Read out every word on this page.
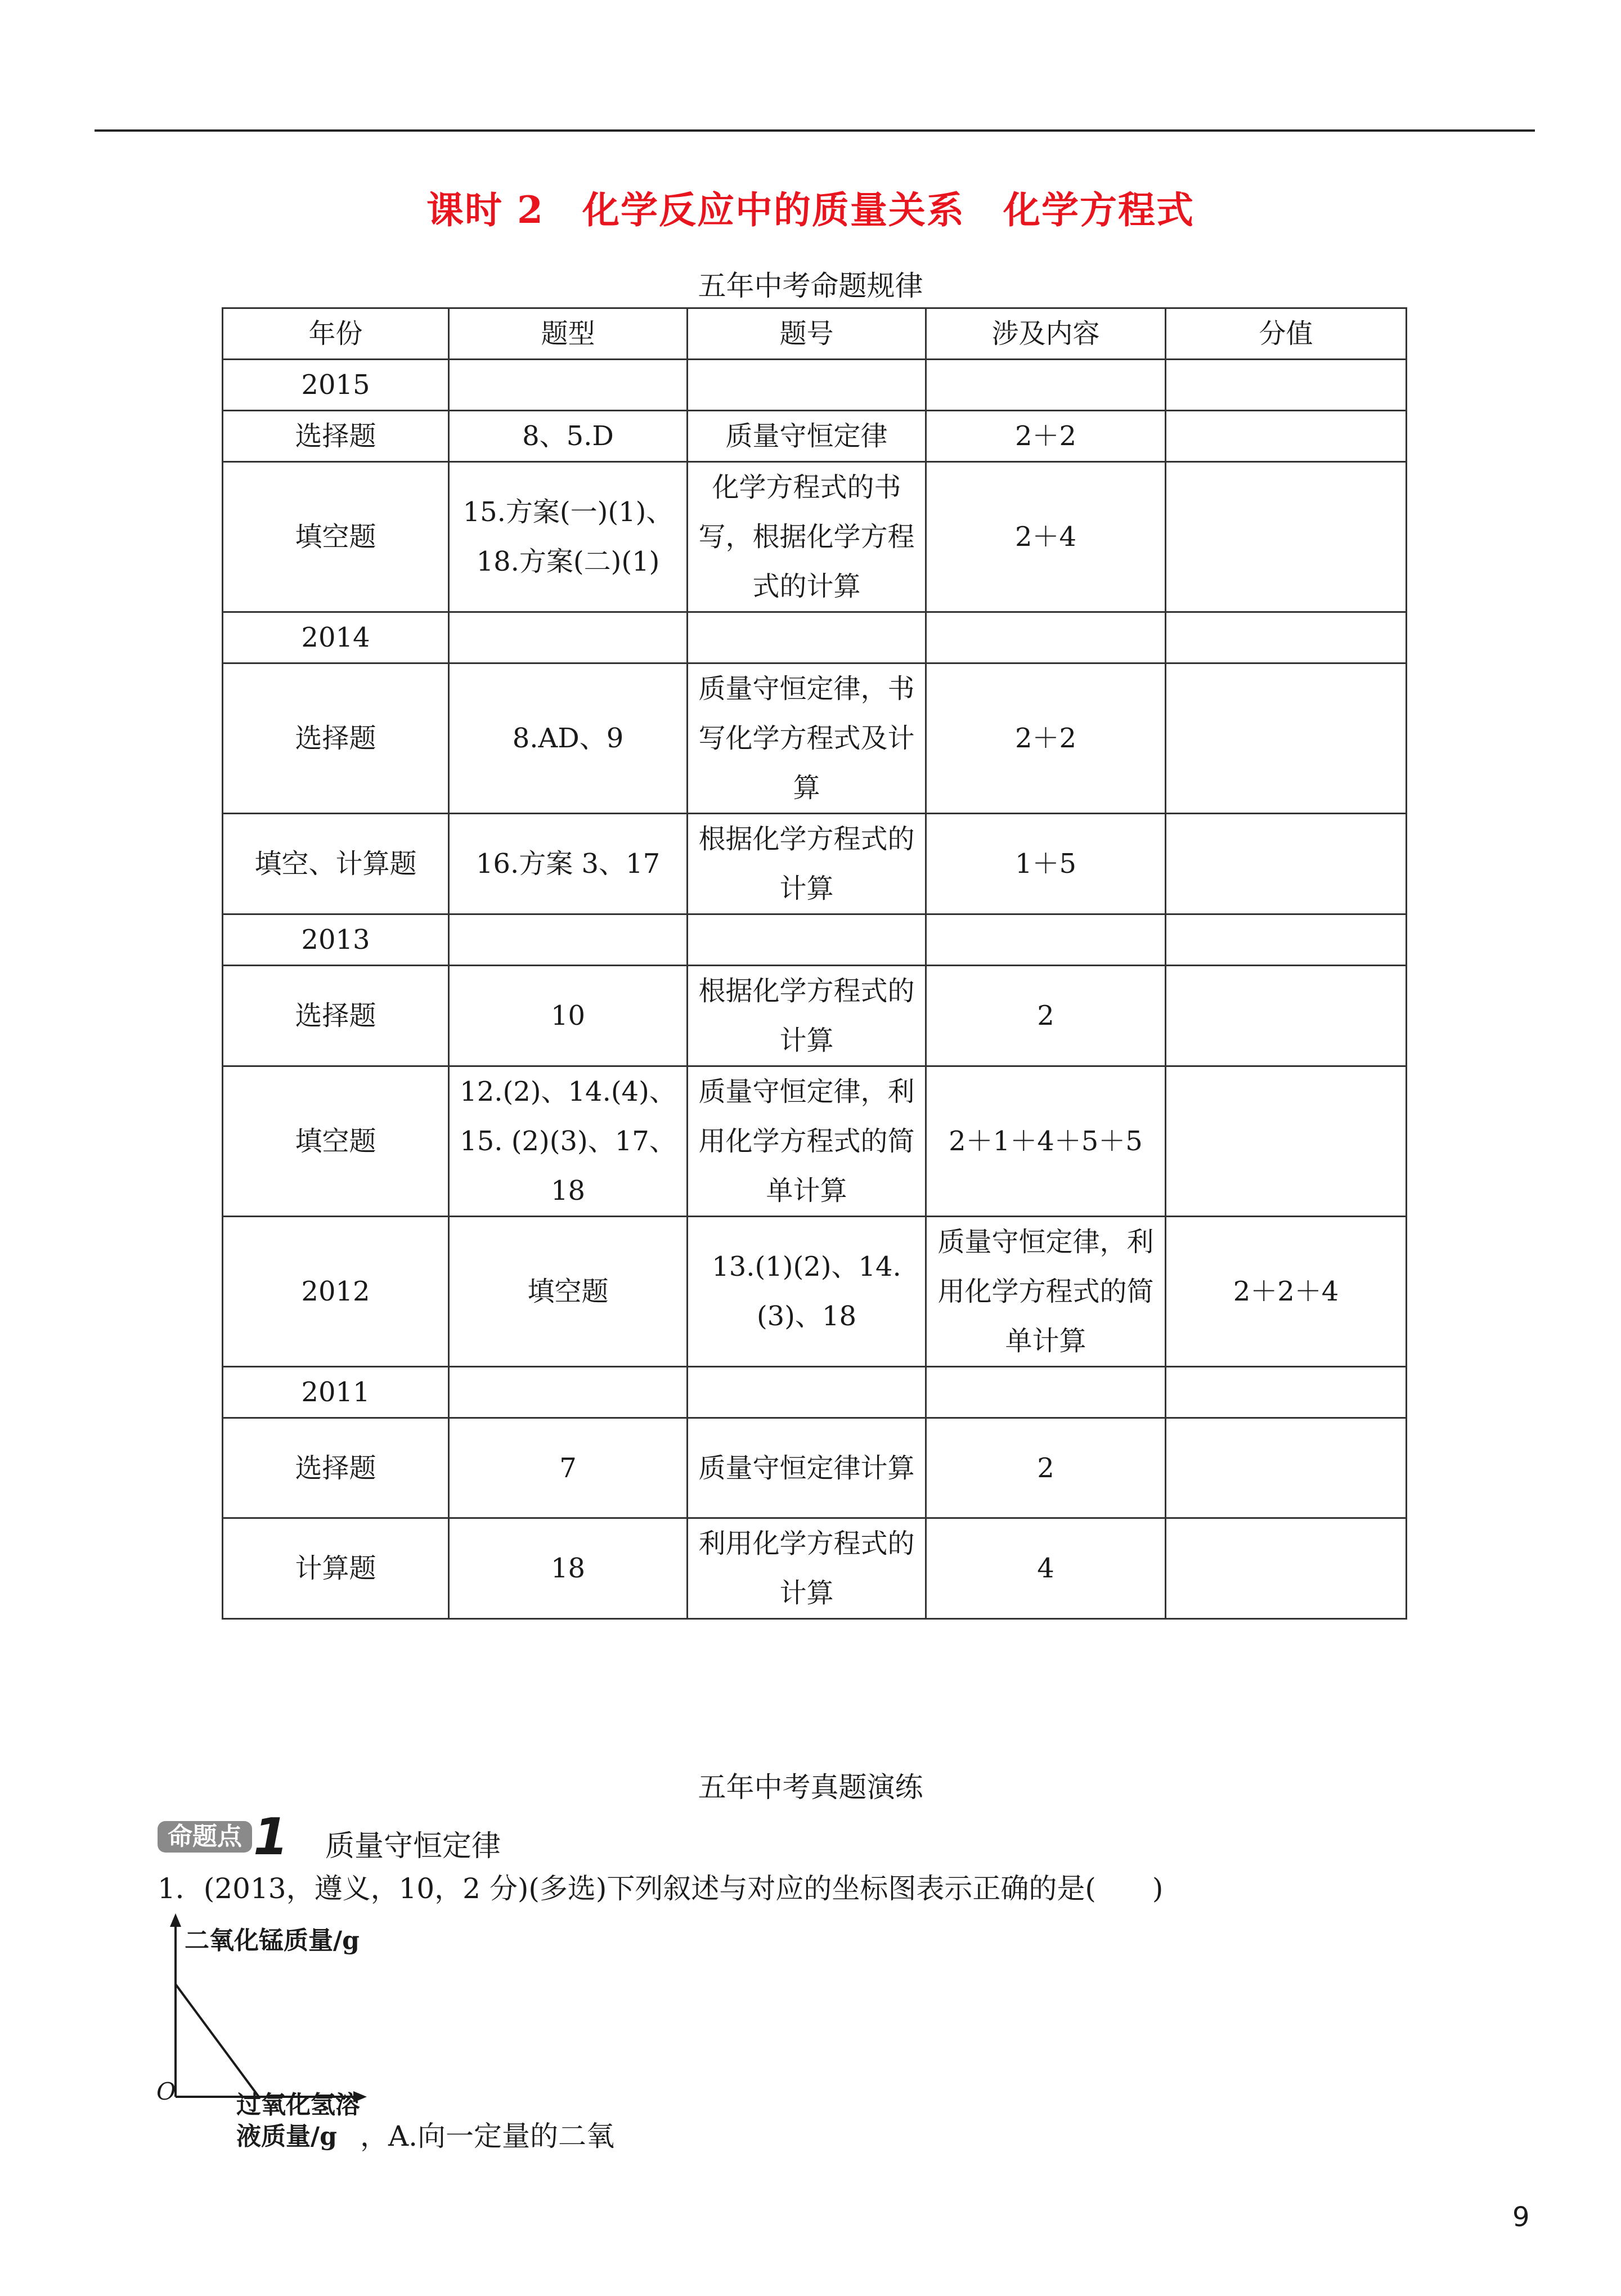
课时 2　化学反应中的质量关系　化学方程式
五年中考命题规律
年份	题型	题号	涉及内容	分值
2015				
选择题	8、5.D	质量守恒定律	2＋2	
填空题	15.方案(一)(1)、18.方案(二)(1)	化学方程式的书写，根据化学方程式的计算	2＋4	
2014				
选择题	8.AD、9	质量守恒定律，书写化学方程式及计算	2＋2	
填空、计算题	16.方案 3、17	根据化学方程式的计算	1＋5	
2013				
选择题	10	根据化学方程式的计算	2	
填空题	12.(2)、14.(4)、15. (2)(3)、17、18	质量守恒定律，利用化学方程式的简单计算	2＋1＋4＋5＋5	
2012	填空题	13.(1)(2)、14.(3)、18	质量守恒定律，利用化学方程式的简单计算	2＋2＋4
2011				
选择题	7	质量守恒定律计算	2	
计算题	18	利用化学方程式的计算	4	
五年中考真题演练
命题点 1 质量守恒定律
1．(2013，遵义，10，2 分)(多选)下列叙述与对应的坐标图表示正确的是(　　)
二氧化锰质量/g
O 过氧化氢溶
液质量/g ，A.向一定量的二氧
9
